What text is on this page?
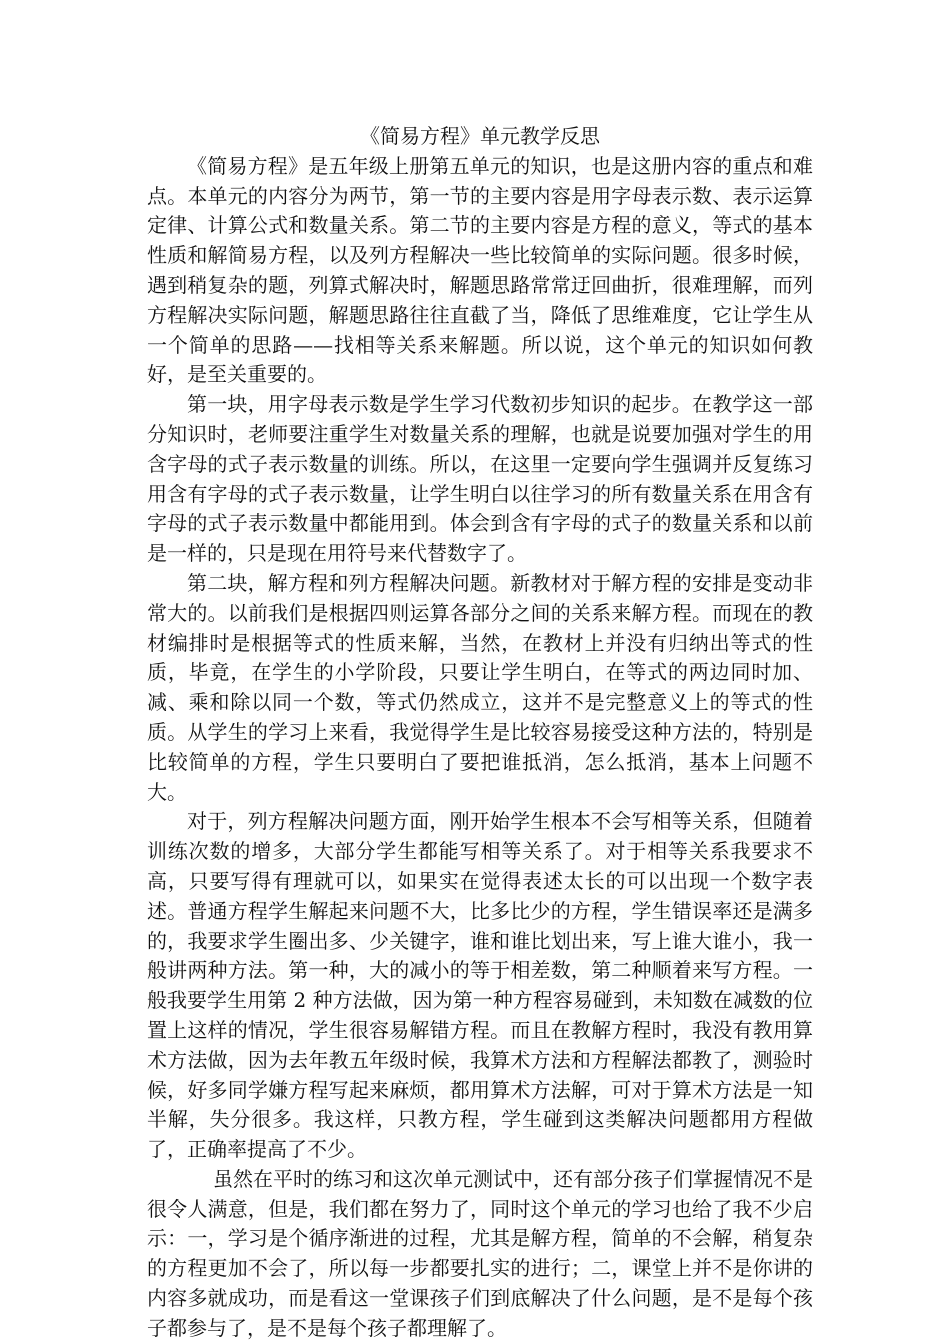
《简易方程》单元教学反思

《简易方程》是五年级上册第五单元的知识，也是这册内容的重点和难点。本单元的内容分为两节，第一节的主要内容是用字母表示数、表示运算定律、计算公式和数量关系。第二节的主要内容是方程的意义，等式的基本性质和解简易方程，以及列方程解决一些比较简单的实际问题。很多时候，遇到稍复杂的题，列算式解决时，解题思路常常迂回曲折，很难理解，而列方程解决实际问题，解题思路往往直截了当，降低了思维难度，它让学生从一个简单的思路——找相等关系来解题。所以说，这个单元的知识如何教好，是至关重要的。

第一块，用字母表示数是学生学习代数初步知识的起步。在教学这一部分知识时，老师要注重学生对数量关系的理解，也就是说要加强对学生的用含字母的式子表示数量的训练。所以，在这里一定要向学生强调并反复练习用含有字母的式子表示数量，让学生明白以往学习的所有数量关系在用含有字母的式子表示数量中都能用到。体会到含有字母的式子的数量关系和以前是一样的，只是现在用符号来代替数字了。

第二块，解方程和列方程解决问题。新教材对于解方程的安排是变动非常大的。以前我们是根据四则运算各部分之间的关系来解方程。而现在的教材编排时是根据等式的性质来解，当然，在教材上并没有归纳出等式的性质，毕竟，在学生的小学阶段，只要让学生明白，在等式的两边同时加、减、乘和除以同一个数，等式仍然成立，这并不是完整意义上的等式的性质。从学生的学习上来看，我觉得学生是比较容易接受这种方法的，特别是比较简单的方程，学生只要明白了要把谁抵消，怎么抵消，基本上问题不大。

对于，列方程解决问题方面，刚开始学生根本不会写相等关系，但随着训练次数的增多，大部分学生都能写相等关系了。对于相等关系我要求不高，只要写得有理就可以，如果实在觉得表述太长的可以出现一个数字表述。普通方程学生解起来问题不大，比多比少的方程，学生错误率还是满多的，我要求学生圈出多、少关键字，谁和谁比划出来，写上谁大谁小，我一般讲两种方法。第一种，大的减小的等于相差数，第二种顺着来写方程。一般我要学生用第 2 种方法做，因为第一种方程容易碰到，未知数在减数的位置上这样的情况，学生很容易解错方程。而且在教解方程时，我没有教用算术方法做，因为去年教五年级时候，我算术方法和方程解法都教了，测验时候，好多同学嫌方程写起来麻烦，都用算术方法解，可对于算术方法是一知半解，失分很多。我这样，只教方程，学生碰到这类解决问题都用方程做了，正确率提高了不少。

虽然在平时的练习和这次单元测试中，还有部分孩子们掌握情况不是很令人满意，但是，我们都在努力了，同时这个单元的学习也给了我不少启示：一，学习是个循序渐进的过程，尤其是解方程，简单的不会解，稍复杂的方程更加不会了，所以每一步都要扎实的进行；二，课堂上并不是你讲的内容多就成功，而是看这一堂课孩子们到底解决了什么问题，是不是每个孩子都参与了，是不是每个孩子都理解了。
